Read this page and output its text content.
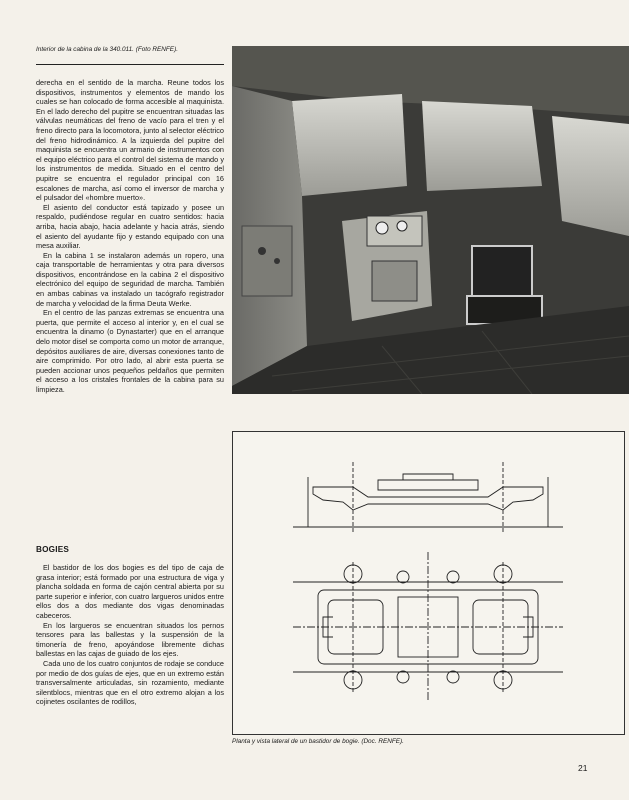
Interior de la cabina de la 340.011. (Foto RENFE).

derecha en el sentido de la marcha. Reune todos los dispositivos, instrumentos y elementos de mando los cuales se han colocado de forma accesible al maquinista. En el lado derecho del pupitre se encuentran situadas las válvulas neumáticas del freno de vacío para el tren y el freno directo para la locomotora, junto al selector eléctrico del freno hidrodinámico. A la izquierda del pupitre del maquinista se encuentra un armario de instrumentos con el equipo eléctrico para el control del sistema de mando y los instrumentos de medida. Situado en el centro del pupitre se encuentra el regulador principal con 16 escalones de marcha, así como el inversor de marcha y el pulsador del «hombre muerto».

El asiento del conductor está tapizado y posee un respaldo, pudiéndose regular en cuatro sentidos: hacia arriba, hacia abajo, hacia adelante y hacia atrás, siendo el asiento del ayudante fijo y estando equipado con una mesa auxiliar.

En la cabina 1 se instalaron además un ropero, una caja transportable de herramientas y otra para diversos dispositivos, encontrándose en la cabina 2 el dispositivo electrónico del equipo de seguridad de marcha. También en ambas cabinas va instalado un tacógrafo registrador de marcha y velocidad de la firma Deuta Werke.

En el centro de las panzas extremas se encuentra una puerta, que permite el acceso al interior y, en el cual se encuentra la dinamo (o Dynastarter) que en el arranque delo motor disel se comporta como un motor de arranque, depósitos auxiliares de aire, diversas conexiones tanto de aire comprimido. Por otro lado, al abrir esta puerta se pueden accionar unos pequeños peldaños que permiten el acceso a los cristales frontales de la cabina para su limpieza.

BOGIES

El bastidor de los dos bogies es del tipo de caja de grasa interior; está formado por una estructura de viga y plancha soldada en forma de cajón central abierta por su parte superior e inferior, con cuatro largueros unidos entre ellos dos a dos mediante dos vigas denominadas cabeceros.

En los largueros se encuentran situados los pernos tensores para las ballestas y la suspensión de la timonería de freno, apoyándose libremente dichas ballestas en las cajas de guiado de los ejes.

Cada uno de los cuatro conjuntos de rodaje se conduce por medio de dos guías de ejes, que en un extremo están transversalmente articuladas, sin rozamiento, mediante silentblocs, mientras que en el otro extremo alojan a los cojinetes oscilantes de rodillos,

Planta y vista lateral de un bastidor de bogie. (Doc. RENFE).
21
